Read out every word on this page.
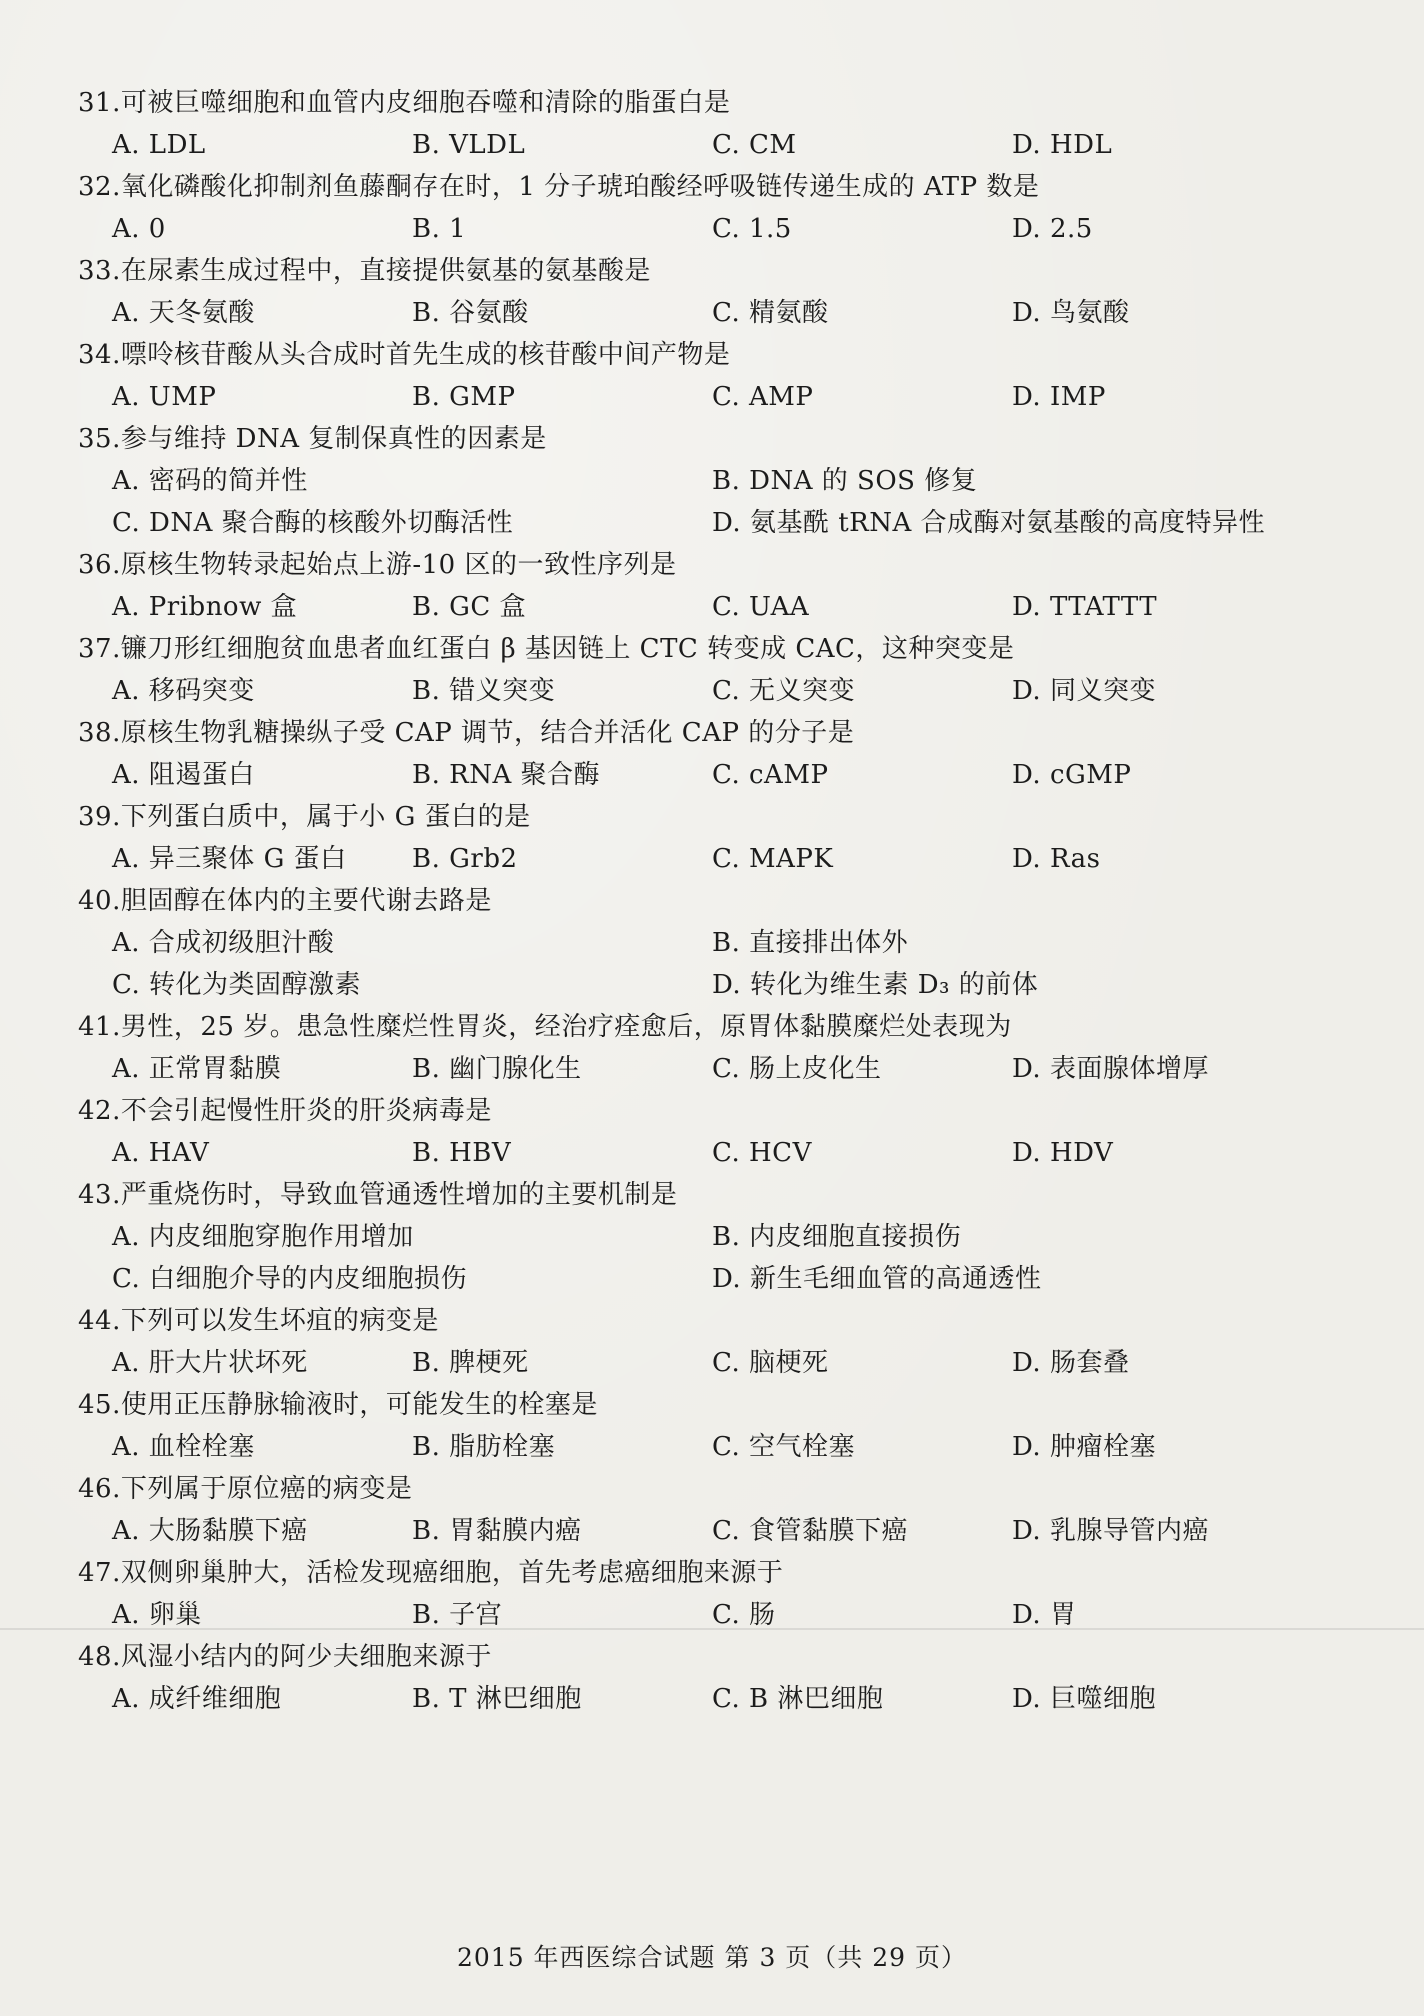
31.可被巨噬细胞和血管内皮细胞吞噬和清除的脂蛋白是
A. LDL	B. VLDL	C. CM	D. HDL
32.氧化磷酸化抑制剂鱼藤酮存在时，1 分子琥珀酸经呼吸链传递生成的 ATP 数是
A. 0	B. 1	C. 1.5	D. 2.5
33.在尿素生成过程中，直接提供氨基的氨基酸是
A. 天冬氨酸	B. 谷氨酸	C. 精氨酸	D. 鸟氨酸
34.嘌呤核苷酸从头合成时首先生成的核苷酸中间产物是
A. UMP	B. GMP	C. AMP	D. IMP
35.参与维持 DNA 复制保真性的因素是
A. 密码的简并性	B. DNA 的 SOS 修复
C. DNA 聚合酶的核酸外切酶活性	D. 氨基酰 tRNA 合成酶对氨基酸的高度特异性
36.原核生物转录起始点上游-10 区的一致性序列是
A. Pribnow 盒	B. GC 盒	C. UAA	D. TTATTT
37.镰刀形红细胞贫血患者血红蛋白 β 基因链上 CTC 转变成 CAC，这种突变是
A. 移码突变	B. 错义突变	C. 无义突变	D. 同义突变
38.原核生物乳糖操纵子受 CAP 调节，结合并活化 CAP 的分子是
A. 阻遏蛋白	B. RNA 聚合酶	C. cAMP	D. cGMP
39.下列蛋白质中，属于小 G 蛋白的是
A. 异三聚体 G 蛋白	B. Grb2	C. MAPK	D. Ras
40.胆固醇在体内的主要代谢去路是
A. 合成初级胆汁酸	B. 直接排出体外
C. 转化为类固醇激素	D. 转化为维生素 D₃ 的前体
41.男性，25 岁。患急性糜烂性胃炎，经治疗痊愈后，原胃体黏膜糜烂处表现为
A. 正常胃黏膜	B. 幽门腺化生	C. 肠上皮化生	D. 表面腺体增厚
42.不会引起慢性肝炎的肝炎病毒是
A. HAV	B. HBV	C. HCV	D. HDV
43.严重烧伤时，导致血管通透性增加的主要机制是
A. 内皮细胞穿胞作用增加	B. 内皮细胞直接损伤
C. 白细胞介导的内皮细胞损伤	D. 新生毛细血管的高通透性
44.下列可以发生坏疽的病变是
A. 肝大片状坏死	B. 脾梗死	C. 脑梗死	D. 肠套叠
45.使用正压静脉输液时，可能发生的栓塞是
A. 血栓栓塞	B. 脂肪栓塞	C. 空气栓塞	D. 肿瘤栓塞
46.下列属于原位癌的病变是
A. 大肠黏膜下癌	B. 胃黏膜内癌	C. 食管黏膜下癌	D. 乳腺导管内癌
47.双侧卵巢肿大，活检发现癌细胞，首先考虑癌细胞来源于
A. 卵巢	B. 子宫	C. 肠	D. 胃
48.风湿小结内的阿少夫细胞来源于
A. 成纤维细胞	B. T 淋巴细胞	C. B 淋巴细胞	D. 巨噬细胞
2015 年西医综合试题 第 3 页（共 29 页）
